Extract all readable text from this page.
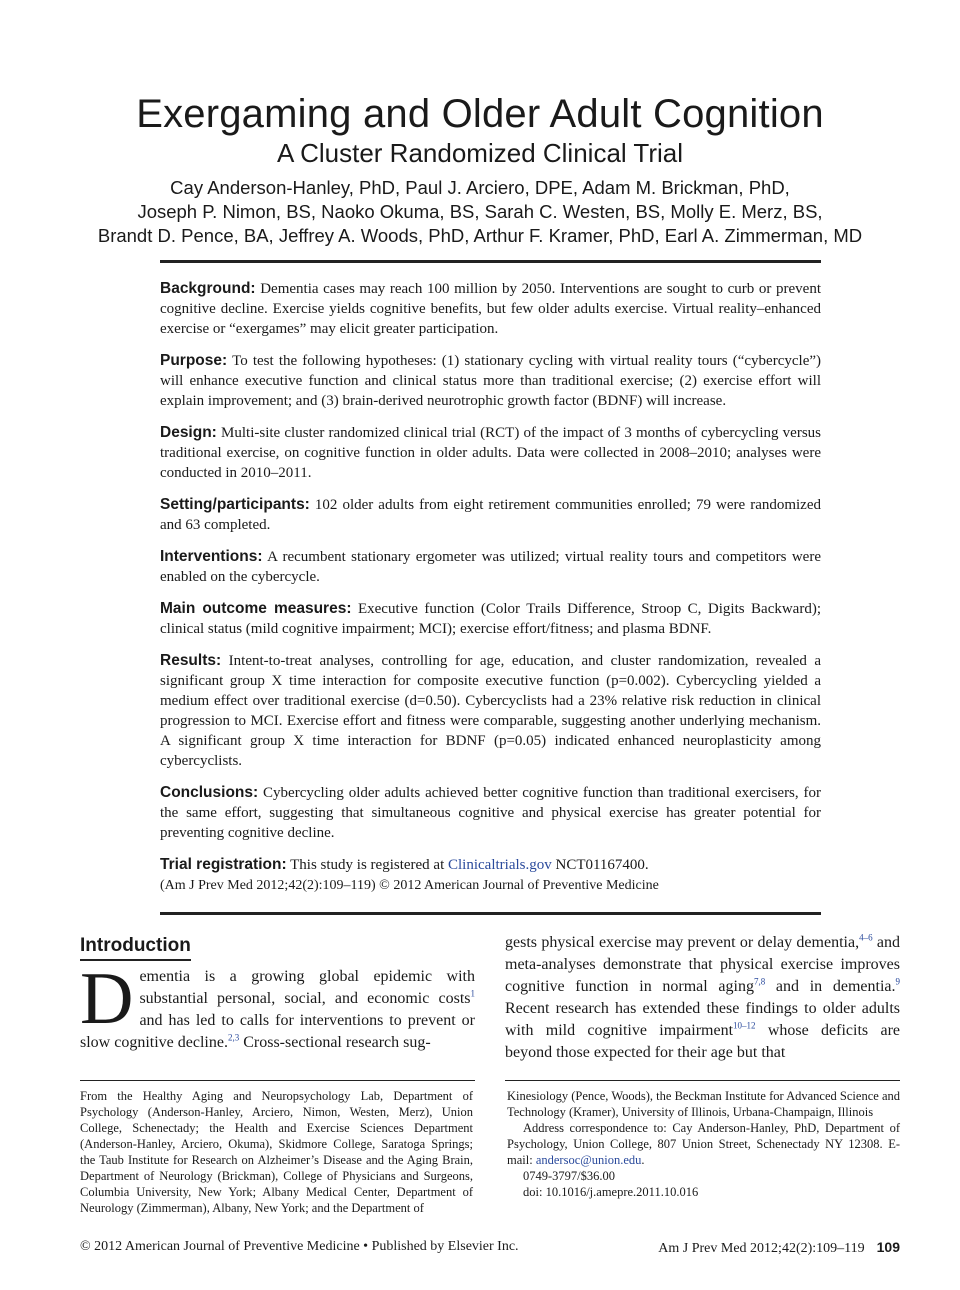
Exergaming and Older Adult Cognition
A Cluster Randomized Clinical Trial
Cay Anderson-Hanley, PhD, Paul J. Arciero, DPE, Adam M. Brickman, PhD,
Joseph P. Nimon, BS, Naoko Okuma, BS, Sarah C. Westen, BS, Molly E. Merz, BS,
Brandt D. Pence, BA, Jeffrey A. Woods, PhD, Arthur F. Kramer, PhD, Earl A. Zimmerman, MD

Background: Dementia cases may reach 100 million by 2050. Interventions are sought to curb or prevent cognitive decline. Exercise yields cognitive benefits, but few older adults exercise. Virtual reality–enhanced exercise or “exergames” may elicit greater participation.

Purpose: To test the following hypotheses: (1) stationary cycling with virtual reality tours (“cybercycle”) will enhance executive function and clinical status more than traditional exercise; (2) exercise effort will explain improvement; and (3) brain-derived neurotrophic growth factor (BDNF) will increase.

Design: Multi-site cluster randomized clinical trial (RCT) of the impact of 3 months of cybercycling versus traditional exercise, on cognitive function in older adults. Data were collected in 2008–2010; analyses were conducted in 2010–2011.

Setting/participants: 102 older adults from eight retirement communities enrolled; 79 were randomized and 63 completed.

Interventions: A recumbent stationary ergometer was utilized; virtual reality tours and competitors were enabled on the cybercycle.

Main outcome measures: Executive function (Color Trails Difference, Stroop C, Digits Backward); clinical status (mild cognitive impairment; MCI); exercise effort/fitness; and plasma BDNF.

Results: Intent-to-treat analyses, controlling for age, education, and cluster randomization, revealed a significant group X time interaction for composite executive function (p=0.002). Cybercycling yielded a medium effect over traditional exercise (d=0.50). Cybercyclists had a 23% relative risk reduction in clinical progression to MCI. Exercise effort and fitness were comparable, suggesting another underlying mechanism. A significant group X time interaction for BDNF (p=0.05) indicated enhanced neuroplasticity among cybercyclists.

Conclusions: Cybercycling older adults achieved better cognitive function than traditional exercisers, for the same effort, suggesting that simultaneous cognitive and physical exercise has greater potential for preventing cognitive decline.

Trial registration: This study is registered at Clinicaltrials.gov NCT01167400.

(Am J Prev Med 2012;42(2):109–119) © 2012 American Journal of Preventive Medicine

Introduction
Dementia is a growing global epidemic with substantial personal, social, and economic costs$^1$ and has led to calls for interventions to prevent or slow cognitive decline.$^{2,3}$ Cross-sectional research sug-
gests physical exercise may prevent or delay dementia,$^{4-6}$ and meta-analyses demonstrate that physical exercise improves cognitive function in normal aging$^{7,8}$ and in dementia.$^9$ Recent research has extended these findings to older adults with mild cognitive impairment$^{10-12}$ whose deficits are beyond those expected for their age but that

From the Healthy Aging and Neuropsychology Lab, Department of Psychology (Anderson-Hanley, Arciero, Nimon, Westen, Merz), Union College, Schenectady; the Health and Exercise Sciences Department (Anderson-Hanley, Arciero, Okuma), Skidmore College, Saratoga Springs; the Taub Institute for Research on Alzheimer’s Disease and the Aging Brain, Department of Neurology (Brickman), College of Physicians and Surgeons, Columbia University, New York; Albany Medical Center, Department of Neurology (Zimmerman), Albany, New York; and the Department of

Kinesiology (Pence, Woods), the Beckman Institute for Advanced Science and Technology (Kramer), University of Illinois, Urbana-Champaign, Illinois

Address correspondence to: Cay Anderson-Hanley, PhD, Department of Psychology, Union College, 807 Union Street, Schenectady NY 12308. E-mail: andersoc@union.edu.

0749-3797/$36.00

doi: 10.1016/j.amepre.2011.10.016

© 2012 American Journal of Preventive Medicine • Published by Elsevier Inc.	Am J Prev Med 2012;42(2):109–119 109
